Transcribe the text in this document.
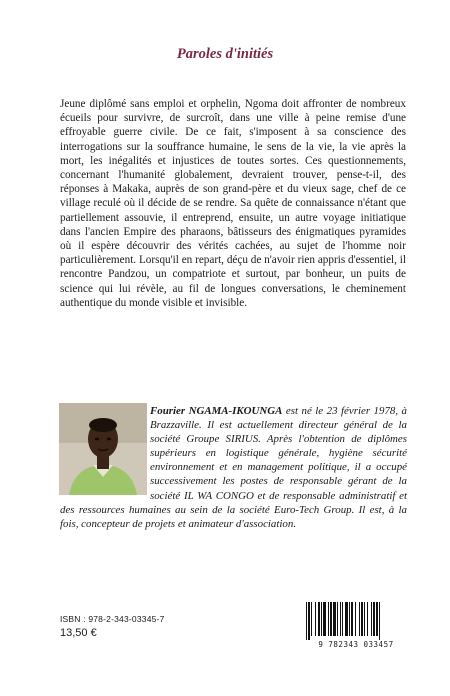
Paroles d'initiés
Jeune diplômé sans emploi et orphelin, Ngoma doit affronter de nombreux écueils pour survivre, de surcroît, dans une ville à peine remise d'une effroyable guerre civile. De ce fait, s'imposent à sa conscience des interrogations sur la souffrance humaine, le sens de la vie, la vie après la mort, les inégalités et injustices de toutes sortes. Ces questionnements, concernant l'humanité globalement, devraient trouver, pense-t-il, des réponses à Makaka, auprès de son grand-père et du vieux sage, chef de ce village reculé où il décide de se rendre. Sa quête de connaissance n'étant que partiellement assouvie, il entreprend, ensuite, un autre voyage initiatique dans l'ancien Empire des pharaons, bâtisseurs des énigmatiques pyramides où il espère découvrir des vérités cachées, au sujet de l'homme noir particulièrement. Lorsqu'il en repart, déçu de n'avoir rien appris d'essentiel, il rencontre Pandzou, un compatriote et surtout, par bonheur, un puits de science qui lui révèle, au fil de longues conversations, le cheminement authentique du monde visible et invisible.
Fourier NGAMA-IKOUNGA est né le 23 février 1978, à Brazzaville. Il est actuellement directeur général de la société Groupe SIRIUS. Après l'obtention de diplômes supérieurs en logistique générale, hygiène sécurité environnement et en management politique, il a occupé successivement les postes de responsable gérant de la société IL WA CONGO et de responsable administratif et des ressources humaines au sein de la société Euro-Tech Group. Il est, à la fois, concepteur de projets et animateur d'association.
ISBN : 978-2-343-03345-7
13,50 €
9 782343 033457
